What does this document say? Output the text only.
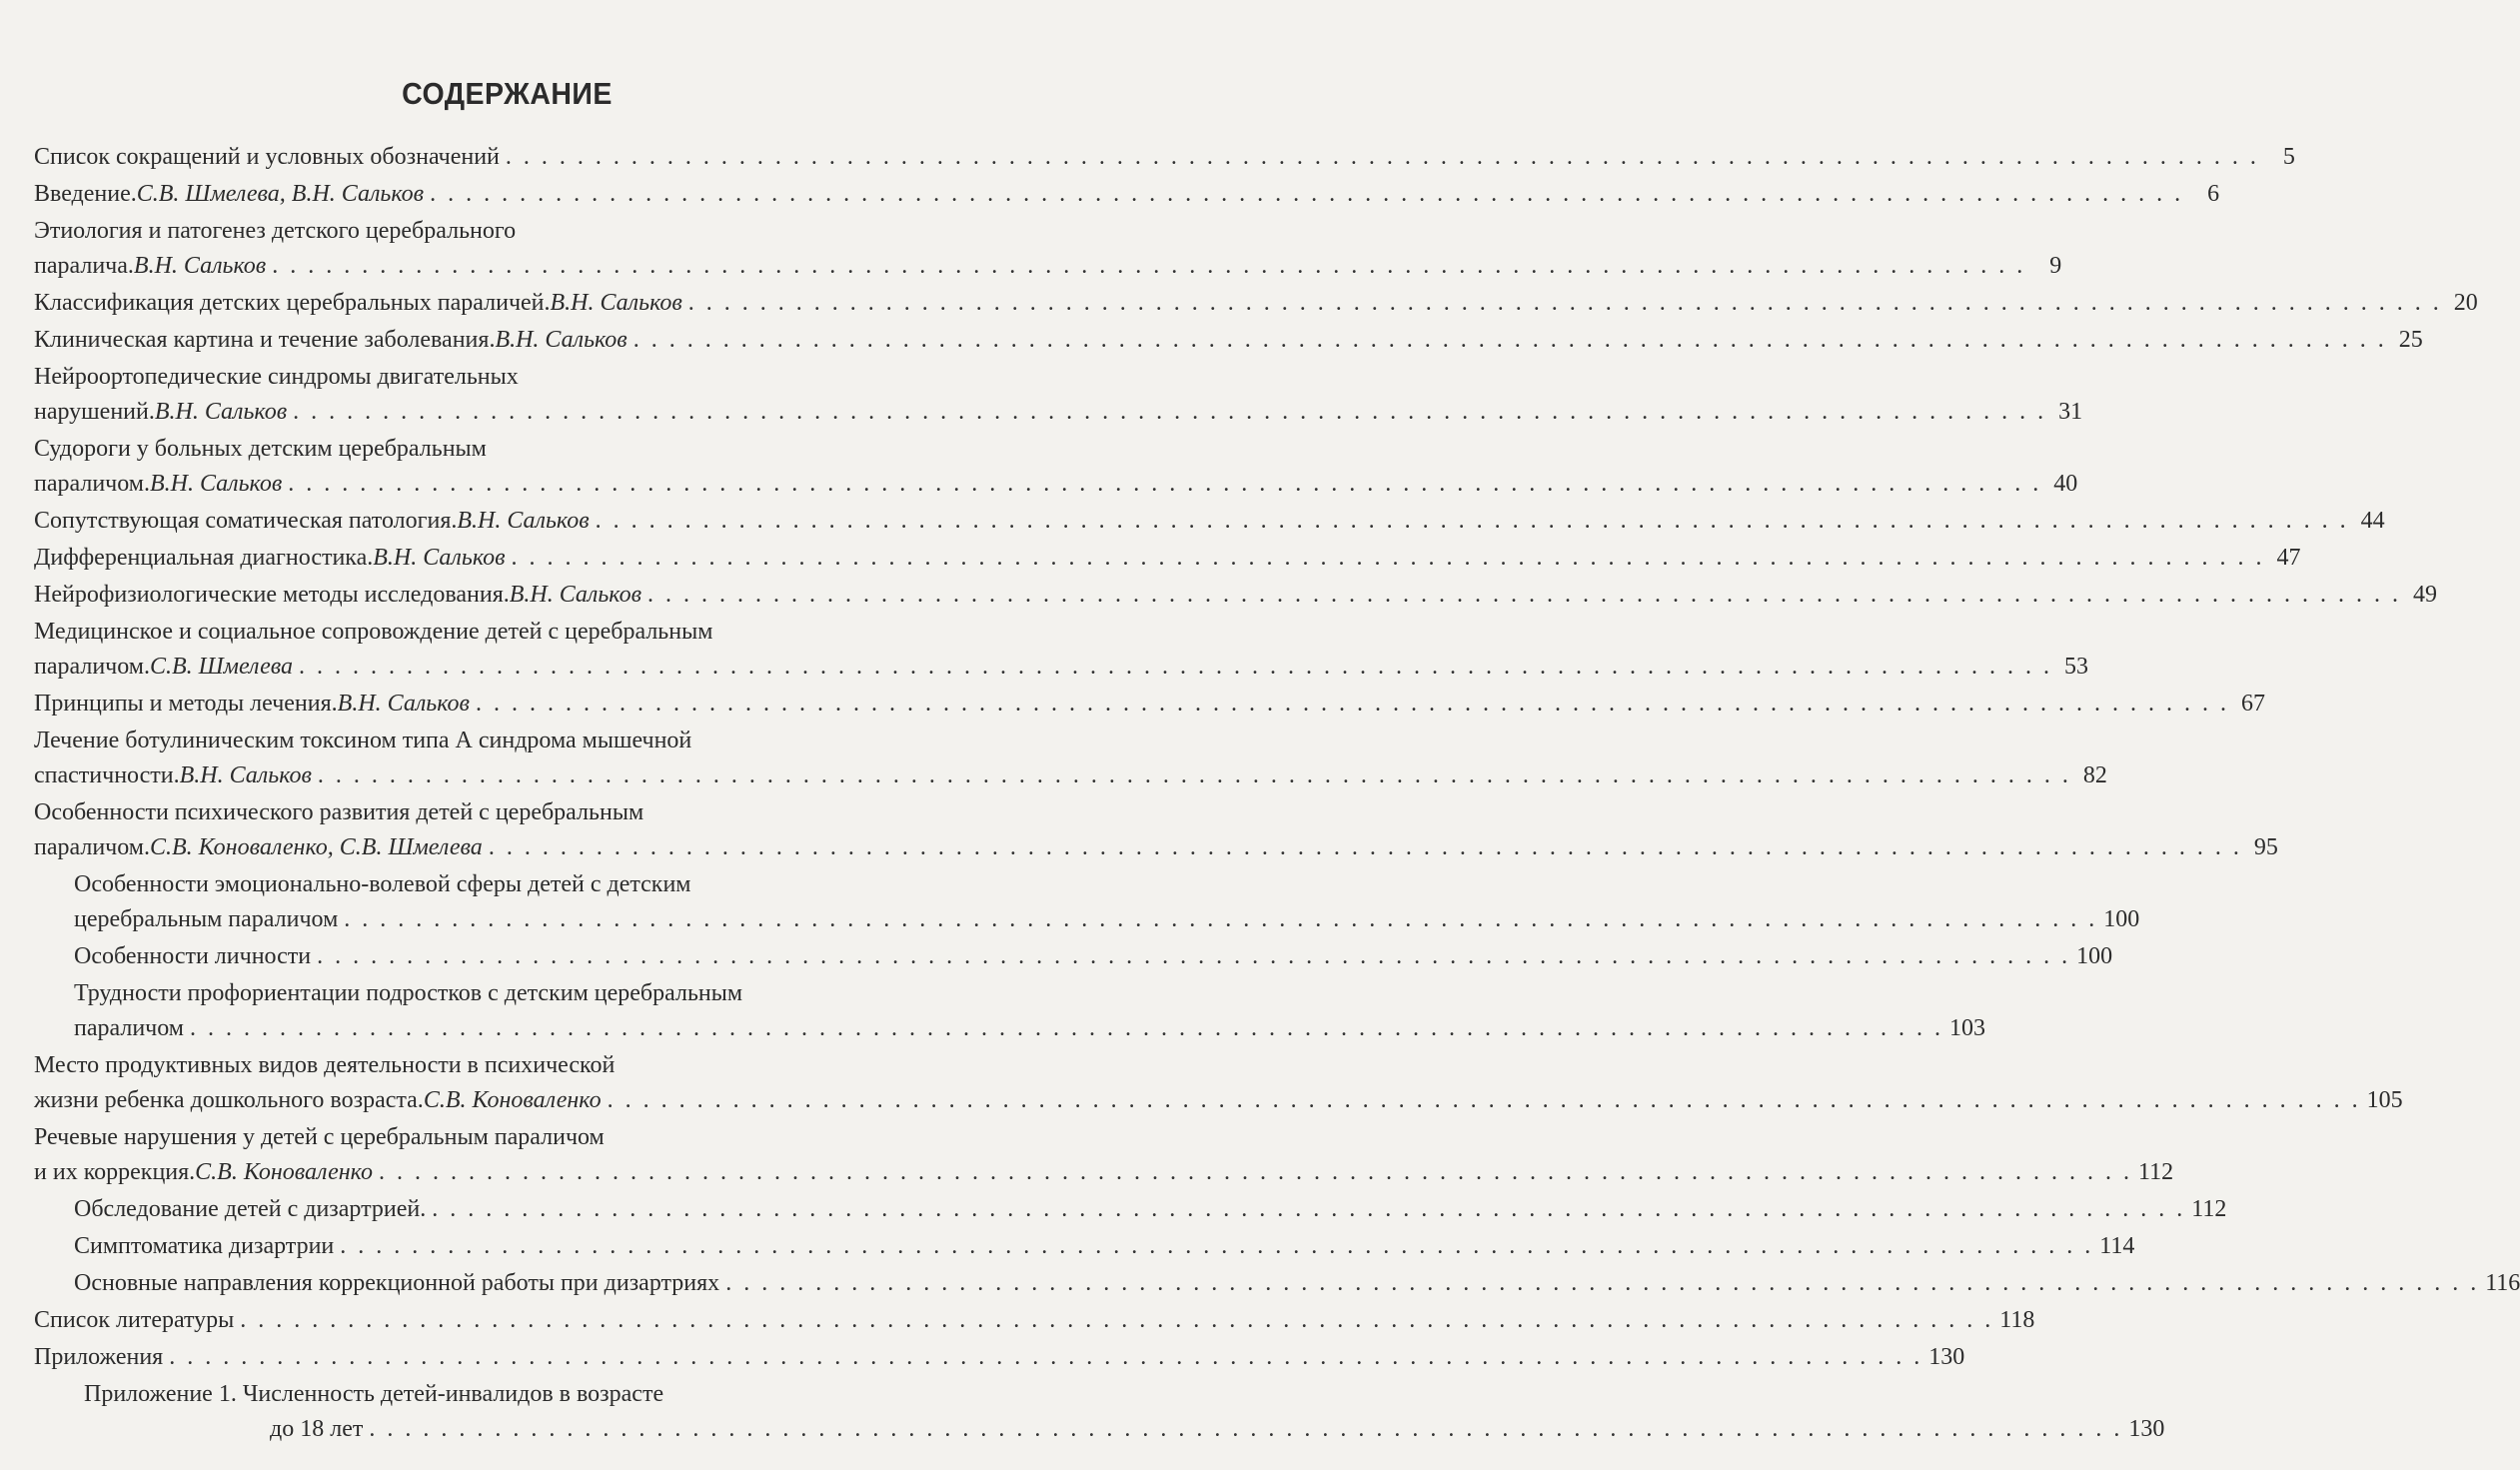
СОДЕРЖАНИЕ
Список сокращений и условных обозначений . . . . . . . . . . . . . . . . . . . . . . . . . . . . . . . . . . . . . . . . . . . . . . . . . . . . . . . . . . . . . . . . . . . . . . . . . . . . . . . . . . . . . . . . . . . . . . . . . .	5
Введение. С.В. Шмелева, В.Н. Сальков . . . . . . . . . . . . . . . . . . . . . . . . . . . . . . . . . . . . . . . . . . . . . . . . . . . . . . . . . . . . . . . . . . . . . . . . . . . . . . . . . . . . . . . . . . . . . . . . . .	6
Этиология и патогенез детского церебрального
паралича. В.Н. Сальков . . . . . . . . . . . . . . . . . . . . . . . . . . . . . . . . . . . . . . . . . . . . . . . . . . . . . . . . . . . . . . . . . . . . . . . . . . . . . . . . . . . . . . . . . . . . . . . . . .	9
Классификация детских церебральных параличей. В.Н. Сальков . . . . . . . . . . . . . . . . . . . . . . . . . . . . . . . . . . . . . . . . . . . . . . . . . . . . . . . . . . . . . . . . . . . . . . . . . . . . . . . . . . . . . . . . . . . . . . . . . . 20
Клиническая картина и течение заболевания. В.Н. Сальков . . . . . . . . . . . . . . . . . . . . . . . . . . . . . . . . . . . . . . . . . . . . . . . . . . . . . . . . . . . . . . . . . . . . . . . . . . . . . . . . . . . . . . . . . . . . . . . . . . 25
Нейроортопедические синдромы двигательных
нарушений. В.Н. Сальков . . . . . . . . . . . . . . . . . . . . . . . . . . . . . . . . . . . . . . . . . . . . . . . . . . . . . . . . . . . . . . . . . . . . . . . . . . . . . . . . . . . . . . . . . . . . . . . . . . 31
Судороги у больных детским церебральным
параличом. В.Н. Сальков . . . . . . . . . . . . . . . . . . . . . . . . . . . . . . . . . . . . . . . . . . . . . . . . . . . . . . . . . . . . . . . . . . . . . . . . . . . . . . . . . . . . . . . . . . . . . . . . . . 40
Сопутствующая соматическая патология. В.Н. Сальков . . . . . . . . . . . . . . . . . . . . . . . . . . . . . . . . . . . . . . . . . . . . . . . . . . . . . . . . . . . . . . . . . . . . . . . . . . . . . . . . . . . . . . . . . . . . . . . . . . 44
Дифференциальная диагностика. В.Н. Сальков . . . . . . . . . . . . . . . . . . . . . . . . . . . . . . . . . . . . . . . . . . . . . . . . . . . . . . . . . . . . . . . . . . . . . . . . . . . . . . . . . . . . . . . . . . . . . . . . . . 47
Нейрофизиологические методы исследования. В.Н. Сальков . . . . . . . . . . . . . . . . . . . . . . . . . . . . . . . . . . . . . . . . . . . . . . . . . . . . . . . . . . . . . . . . . . . . . . . . . . . . . . . . . . . . . . . . . . . . . . . . . . 49
Медицинское и социальное сопровождение детей с церебральным
параличом. С.В. Шмелева . . . . . . . . . . . . . . . . . . . . . . . . . . . . . . . . . . . . . . . . . . . . . . . . . . . . . . . . . . . . . . . . . . . . . . . . . . . . . . . . . . . . . . . . . . . . . . . . . . 53
Принципы и методы лечения. В.Н. Сальков . . . . . . . . . . . . . . . . . . . . . . . . . . . . . . . . . . . . . . . . . . . . . . . . . . . . . . . . . . . . . . . . . . . . . . . . . . . . . . . . . . . . . . . . . . . . . . . . . . 67
Лечение ботулиническим токсином типа А синдрома мышечной
спастичности. В.Н. Сальков . . . . . . . . . . . . . . . . . . . . . . . . . . . . . . . . . . . . . . . . . . . . . . . . . . . . . . . . . . . . . . . . . . . . . . . . . . . . . . . . . . . . . . . . . . . . . . . . . . 82
Особенности психического развития детей с церебральным
параличом. С.В. Коноваленко, С.В. Шмелева . . . . . . . . . . . . . . . . . . . . . . . . . . . . . . . . . . . . . . . . . . . . . . . . . . . . . . . . . . . . . . . . . . . . . . . . . . . . . . . . . . . . . . . . . . . . . . . . . . 95
Особенности эмоционально-волевой сферы детей с детским
церебральным параличом . . . . . . . . . . . . . . . . . . . . . . . . . . . . . . . . . . . . . . . . . . . . . . . . . . . . . . . . . . . . . . . . . . . . . . . . . . . . . . . . . . . . . . . . . . . . . . . . . . 100
Особенности личности . . . . . . . . . . . . . . . . . . . . . . . . . . . . . . . . . . . . . . . . . . . . . . . . . . . . . . . . . . . . . . . . . . . . . . . . . . . . . . . . . . . . . . . . . . . . . . . . . . 100
Трудности профориентации подростков с детским церебральным
параличом . . . . . . . . . . . . . . . . . . . . . . . . . . . . . . . . . . . . . . . . . . . . . . . . . . . . . . . . . . . . . . . . . . . . . . . . . . . . . . . . . . . . . . . . . . . . . . . . . . 103
Место продуктивных видов деятельности в психической
жизни ребенка дошкольного возраста. С.В. Коноваленко . . . . . . . . . . . . . . . . . . . . . . . . . . . . . . . . . . . . . . . . . . . . . . . . . . . . . . . . . . . . . . . . . . . . . . . . . . . . . . . . . . . . . . . . . . . . . . . . . . 105
Речевые нарушения у детей с церебральным параличом
и их коррекция. С.В. Коноваленко . . . . . . . . . . . . . . . . . . . . . . . . . . . . . . . . . . . . . . . . . . . . . . . . . . . . . . . . . . . . . . . . . . . . . . . . . . . . . . . . . . . . . . . . . . . . . . . . . . 112
Обследование детей с дизартрией. . . . . . . . . . . . . . . . . . . . . . . . . . . . . . . . . . . . . . . . . . . . . . . . . . . . . . . . . . . . . . . . . . . . . . . . . . . . . . . . . . . . . . . . . . . . . . . . . . . 112
Симптоматика дизартрии . . . . . . . . . . . . . . . . . . . . . . . . . . . . . . . . . . . . . . . . . . . . . . . . . . . . . . . . . . . . . . . . . . . . . . . . . . . . . . . . . . . . . . . . . . . . . . . . . . 114
Основные направления коррекционной работы при дизартриях . . . . . . . . . . . . . . . . . . . . . . . . . . . . . . . . . . . . . . . . . . . . . . . . . . . . . . . . . . . . . . . . . . . . . . . . . . . . . . . . . . . . . . . . . . . . . . . . . . 116
Список литературы . . . . . . . . . . . . . . . . . . . . . . . . . . . . . . . . . . . . . . . . . . . . . . . . . . . . . . . . . . . . . . . . . . . . . . . . . . . . . . . . . . . . . . . . . . . . . . . . . . 118
Приложения . . . . . . . . . . . . . . . . . . . . . . . . . . . . . . . . . . . . . . . . . . . . . . . . . . . . . . . . . . . . . . . . . . . . . . . . . . . . . . . . . . . . . . . . . . . . . . . . . . 130
Приложение 1. Численность детей-инвалидов в возрасте
до 18 лет . . . . . . . . . . . . . . . . . . . . . . . . . . . . . . . . . . . . . . . . . . . . . . . . . . . . . . . . . . . . . . . . . . . . . . . . . . . . . . . . . . . . . . . . . . . . . . . . . . 130
